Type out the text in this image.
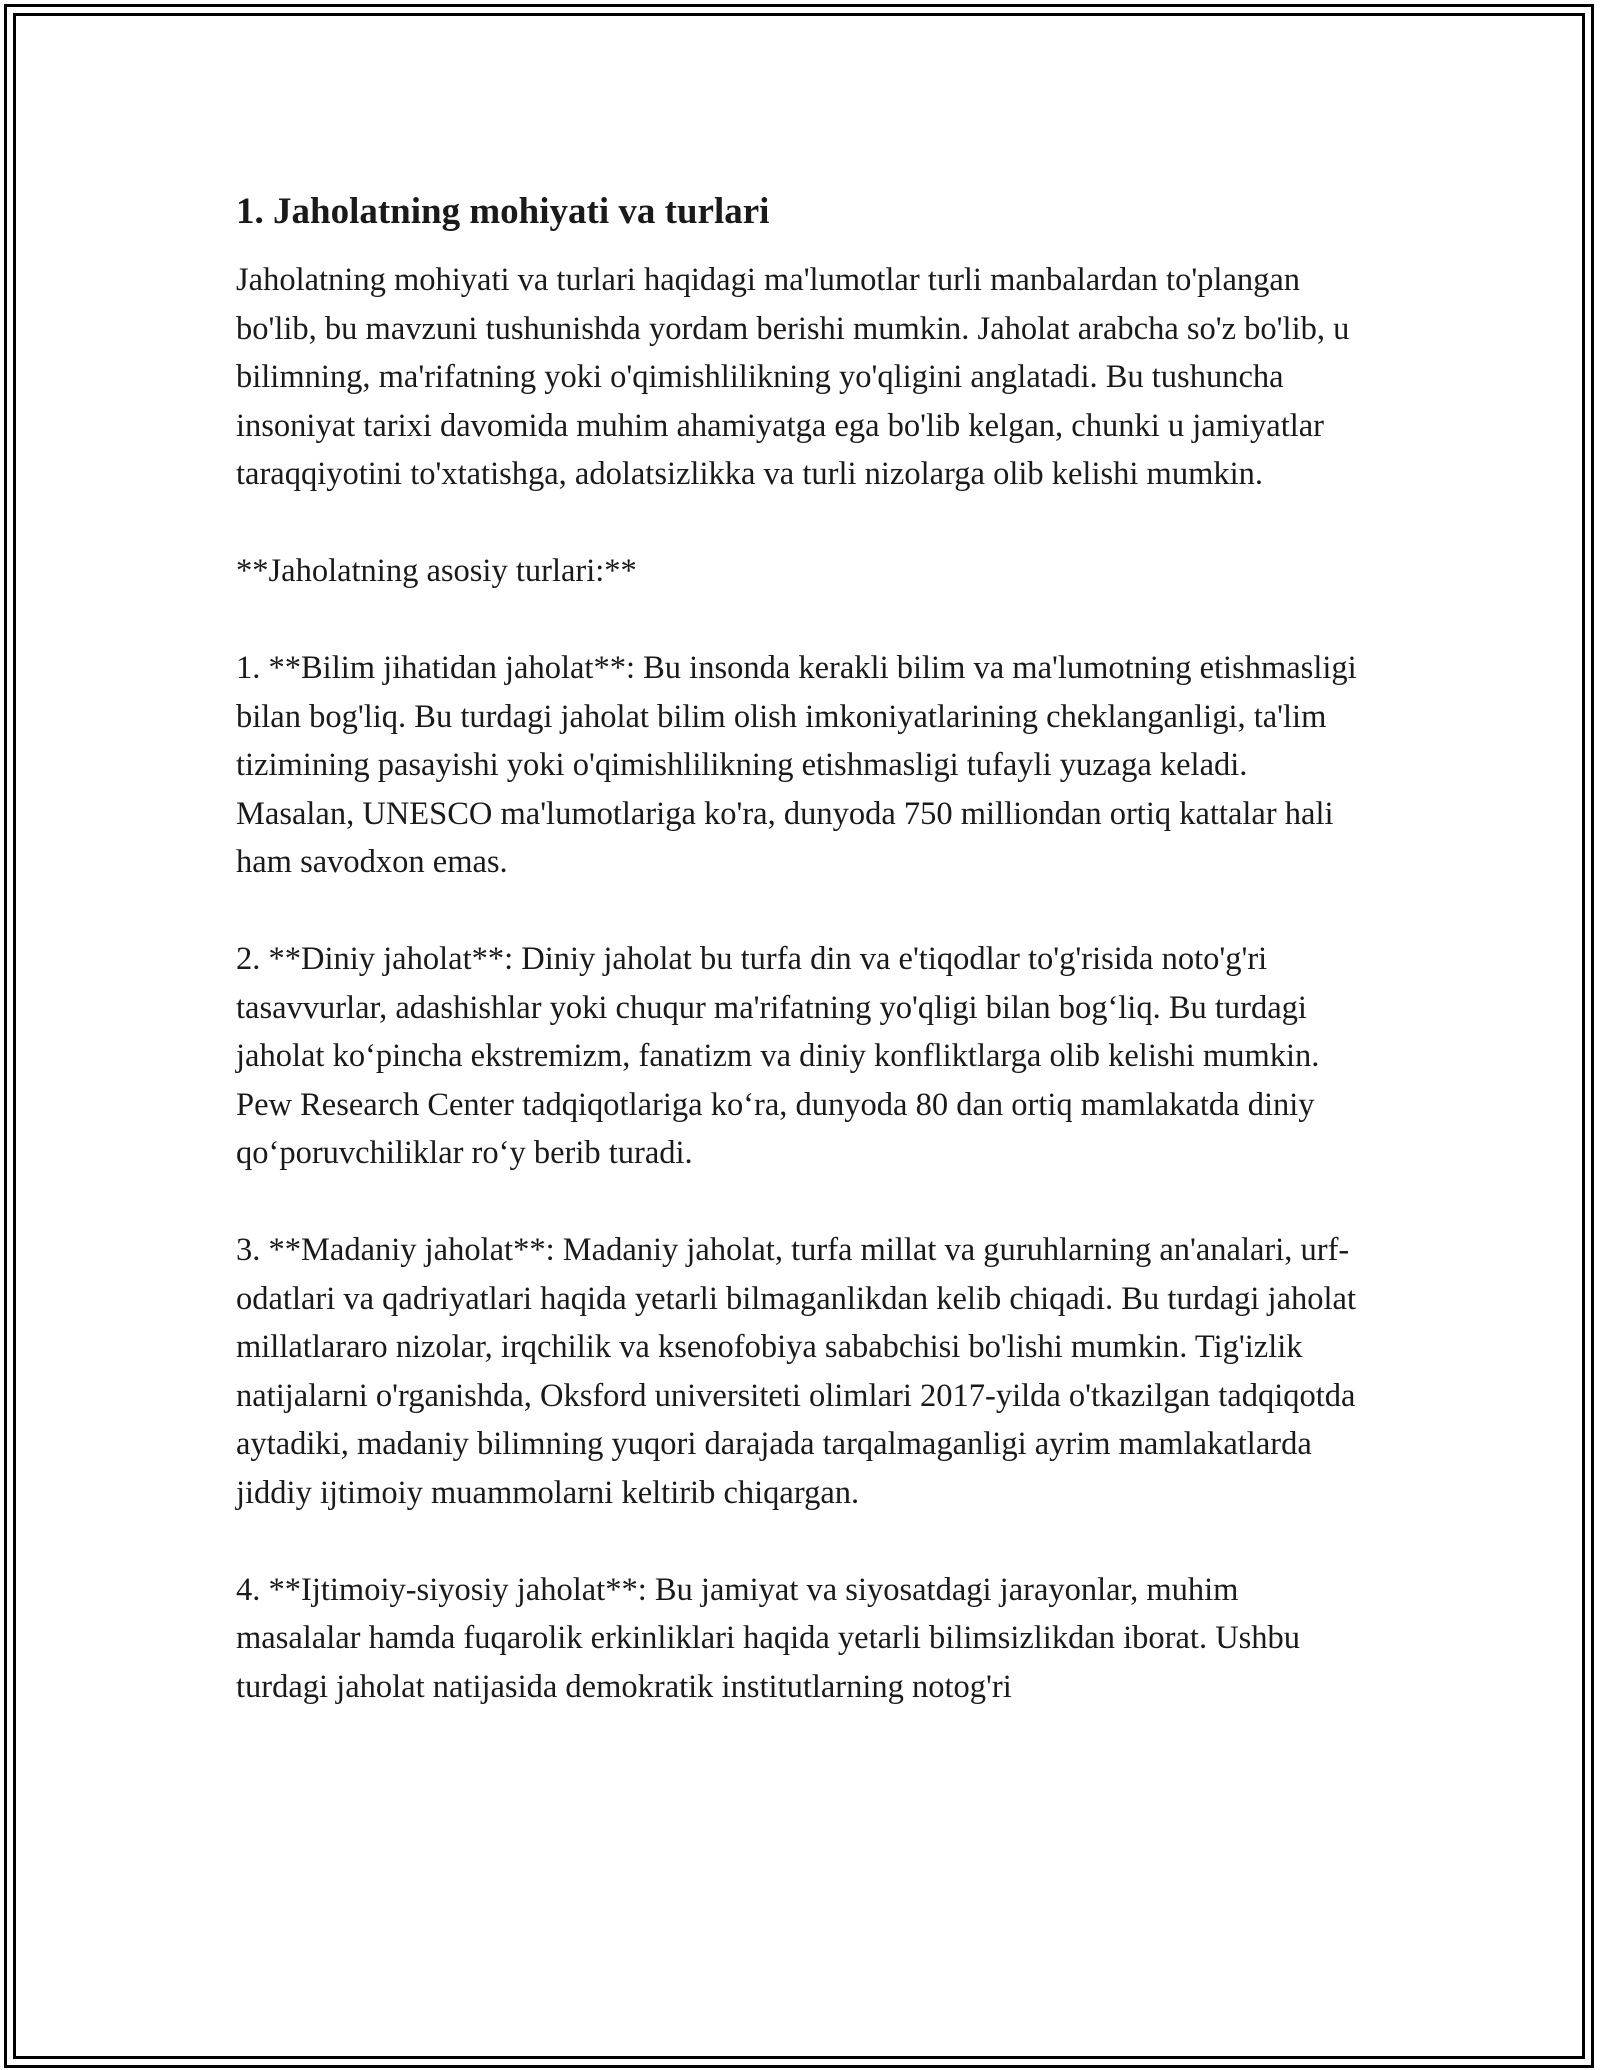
1. Jaholatning mohiyati va turlari

Jaholatning mohiyati va turlari haqidagi ma'lumotlar turli manbalardan to'plangan bo'lib, bu mavzuni tushunishda yordam berishi mumkin. Jaholat arabcha so'z bo'lib, u bilimning, ma'rifatning yoki o'qimishlilikning yo'qligini anglatadi. Bu tushuncha insoniyat tarixi davomida muhim ahamiyatga ega bo'lib kelgan, chunki u jamiyatlar taraqqiyotini to'xtatishga, adolatsizlikka va turli nizolarga olib kelishi mumkin.

**Jaholatning asosiy turlari:**

1. **Bilim jihatidan jaholat**: Bu insonda kerakli bilim va ma'lumotning etishmasligi bilan bog'liq. Bu turdagi jaholat bilim olish imkoniyatlarining cheklanganligi, ta'lim tizimining pasayishi yoki o'qimishlilikning etishmasligi tufayli yuzaga keladi. Masalan, UNESCO ma'lumotlariga ko'ra, dunyoda 750 milliondan ortiq kattalar hali ham savodxon emas.

2. **Diniy jaholat**: Diniy jaholat bu turfa din va e'tiqodlar to'g'risida noto'g'ri tasavvurlar, adashishlar yoki chuqur ma'rifatning yo'qligi bilan bog‘liq. Bu turdagi jaholat ko‘pincha ekstremizm, fanatizm va diniy konfliktlarga olib kelishi mumkin. Pew Research Center tadqiqotlariga ko‘ra, dunyoda 80 dan ortiq mamlakatda diniy qo‘poruvchiliklar ro‘y berib turadi.

3. **Madaniy jaholat**: Madaniy jaholat, turfa millat va guruhlarning an'analari, urf-odatlari va qadriyatlari haqida yetarli bilmaganlikdan kelib chiqadi. Bu turdagi jaholat millatlararo nizolar, irqchilik va ksenofobiya sababchisi bo'lishi mumkin. Tig'izlik natijalarni o'rganishda, Oksford universiteti olimlari 2017-yilda o'tkazilgan tadqiqotda aytadiki, madaniy bilimning yuqori darajada tarqalmaganligi ayrim mamlakatlarda jiddiy ijtimoiy muammolarni keltirib chiqargan.

4. **Ijtimoiy-siyosiy jaholat**: Bu jamiyat va siyosatdagi jarayonlar, muhim masalalar hamda fuqarolik erkinliklari haqida yetarli bilimsizlikdan iborat. Ushbu turdagi jaholat natijasida demokratik institutlarning notog'ri
